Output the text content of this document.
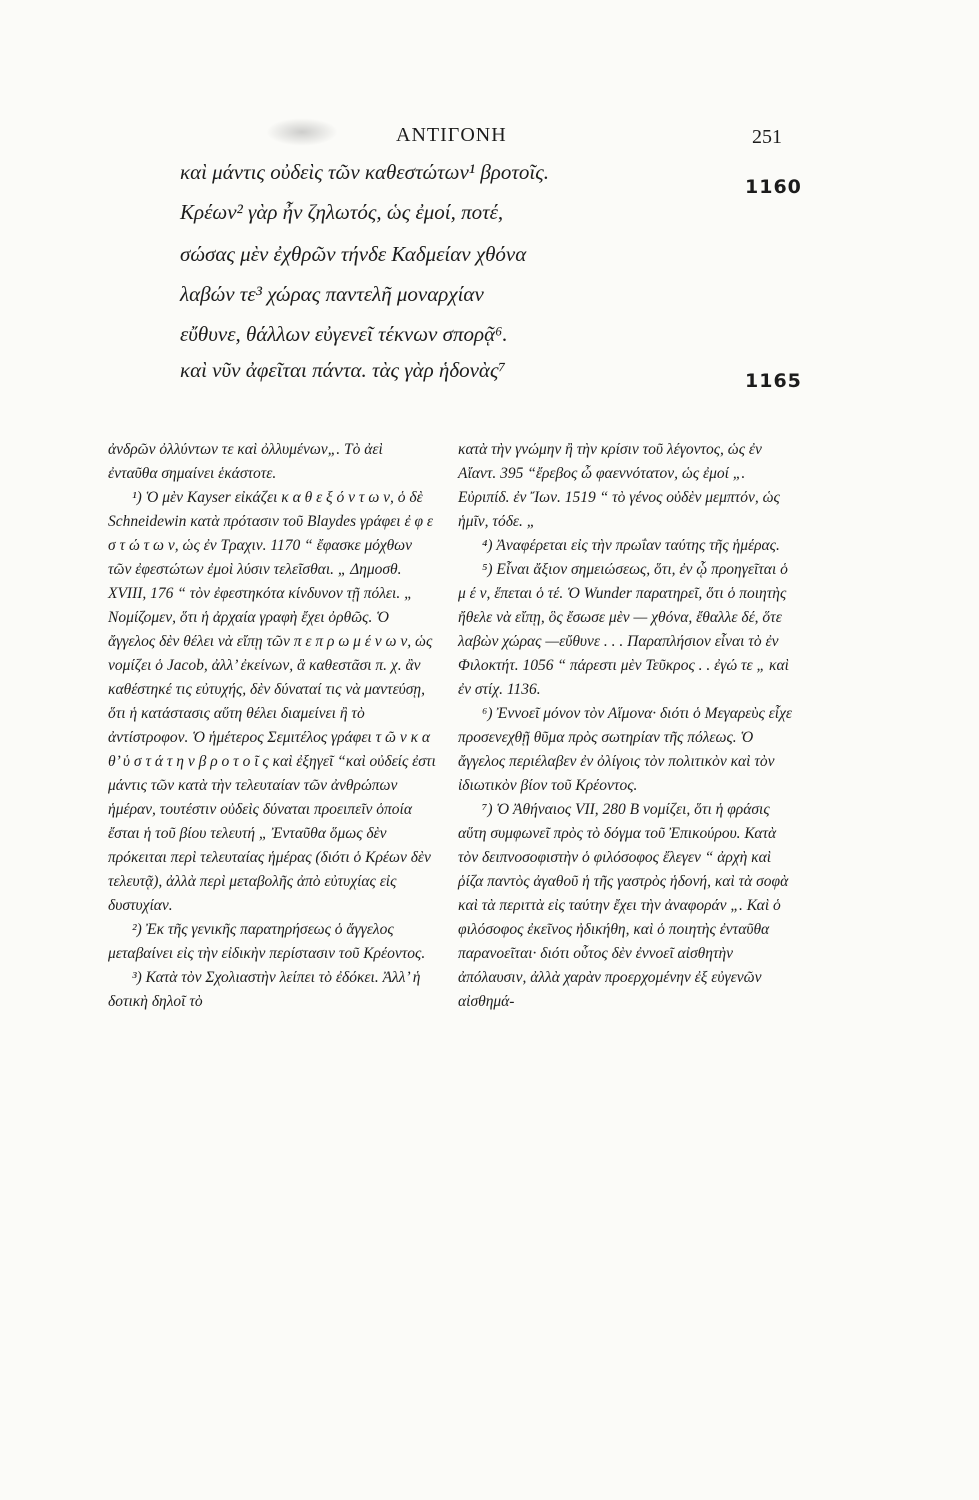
ΑΝΤΙΓΟΝΗ	251
καὶ μάντις οὐδεὶς τῶν καθεστώτων¹ βροτοῖς.
1160
Κρέων² γὰρ ἦν ζηλωτός, ὡς ἐμοί, ποτέ,
σώσας μὲν ἐχθρῶν τήνδε Καδμείαν χθόνα
λαβών τε³ χώρας παντελῆ μοναρχίαν
εὔθυνε, θάλλων εὐγενεῖ τέκνων σπορᾷ⁶.
καὶ νῦν ἀφεῖται πάντα. τὰς γὰρ ἡδονὰς⁷	1165

ἀνδρῶν ὀλλύντων τε καὶ ὀλλυμένων„. Τὸ ἀεὶ ἐνταῦθα σημαίνει ἑκάστοτε.

¹) Ὁ μὲν Kayser εἰκάζει κ α θ ε ξ ό ν τ ω ν, ὁ δὲ Schneidewin κατὰ πρότασιν τοῦ Blaydes γράφει ἐ φ ε σ τ ώ τ ω ν, ὡς ἐν Τραχιν. 1170 “ ἔφασκε μόχθων τῶν ἐφεστώτων ἐμοὶ λύσιν τελεῖσθαι. „ Δημοσθ. XVIII, 176 “ τὸν ἐφεστηκότα κίνδυνον τῇ πόλει. „ Νομίζομεν, ὅτι ἡ ἀρχαία γραφὴ ἔχει ὀρθῶς. Ὁ ἄγγελος δὲν θέλει νὰ εἴπῃ τῶν π ε π ρ ω μ έ ν ω ν, ὡς νομίζει ὁ Jacob, ἀλλ’ ἐκείνων, ἃ καθεστᾶσι π. χ. ἂν καθέστηκέ τις εὐτυχής, δὲν δύναταί τις νὰ μαντεύσῃ, ὅτι ἡ κατάστασις αὕτη θέλει διαμείνει ἢ τὸ ἀντίστροφον. Ὁ ἡμέτερος Σεμιτέλος γράφει τ ῶ ν κ α θ’ ὑ σ τ ά τ η ν β ρ ο τ ο ῖ ς καὶ ἐξηγεῖ “καὶ οὐδείς ἐστι μάντις τῶν κατὰ τὴν τελευταίαν τῶν ἀνθρώπων ἡμέραν, τουτέστιν οὐδεὶς δύναται προειπεῖν ὁποία ἔσται ἡ τοῦ βίου τελευτή „ Ἐνταῦθα ὅμως δὲν πρόκειται περὶ τελευταίας ἡμέρας (διότι ὁ Κρέων δὲν τελευτᾷ), ἀλλὰ περὶ μεταβολῆς ἀπὸ εὐτυχίας εἰς δυστυχίαν.

²) Ἐκ τῆς γενικῆς παρατηρήσεως ὁ ἄγγελος μεταβαίνει εἰς τὴν εἰδικὴν περίστασιν τοῦ Κρέοντος.

³) Κατὰ τὸν Σχολιαστὴν λείπει τὸ ἐδόκει. Ἀλλ’ ἡ δοτικὴ δηλοῖ τὸ

κατὰ τὴν γνώμην ἢ τὴν κρίσιν τοῦ λέγοντος, ὡς ἐν Αἴαντ. 395 “ἔρεβος ὦ φαεννότατον, ὡς ἐμοί „. Εὐριπίδ. ἐν Ἴων. 1519 “ τὸ γένος οὐδὲν μεμπτόν, ὡς ἡμῖν, τόδε. „

⁴) Ἀναφέρεται εἰς τὴν πρωΐαν ταύτης τῆς ἡμέρας.

⁵) Εἶναι ἄξιον σημειώσεως, ὅτι, ἐν ᾧ προηγεῖται ὁ μ έ ν, ἕπεται ὁ τέ. Ὁ Wunder παρατηρεῖ, ὅτι ὁ ποιητὴς ἤθελε νὰ εἴπῃ, ὃς ἔσωσε μὲν — χθόνα, ἔθαλλε δέ, ὅτε λαβὼν χώρας —εὔθυνε . . . Παραπλήσιον εἶναι τὸ ἐν Φιλοκτήτ. 1056 “ πάρεστι μὲν Τεῦκρος . . ἐγώ τε „ καὶ ἐν στίχ. 1136.

⁶) Ἐννοεῖ μόνον τὸν Αἵμονα· διότι ὁ Μεγαρεὺς εἶχε προσενεχθῇ θῦμα πρὸς σωτηρίαν τῆς πόλεως. Ὁ ἄγγελος περιέλαβεν ἐν ὀλίγοις τὸν πολιτικὸν καὶ τὸν ἰδιωτικὸν βίον τοῦ Κρέοντος.

⁷) Ὁ Ἀθήναιος VII, 280 B νομίζει, ὅτι ἡ φράσις αὕτη συμφωνεῖ πρὸς τὸ δόγμα τοῦ Ἐπικούρου. Κατὰ τὸν δειπνοσοφιστὴν ὁ φιλόσοφος ἔλεγεν “ ἀρχὴ καὶ ῥίζα παντὸς ἀγαθοῦ ἡ τῆς γαστρὸς ἡδονή, καὶ τὰ σοφὰ καὶ τὰ περιττὰ εἰς ταύτην ἔχει τὴν ἀναφοράν „. Καὶ ὁ φιλόσοφος ἐκεῖνος ἠδικήθη, καὶ ὁ ποιητὴς ἐνταῦθα παρανοεῖται· διότι οὗτος δὲν ἐννοεῖ αἰσθητὴν ἀπόλαυσιν, ἀλλὰ χαρὰν προερχομένην ἐξ εὐγενῶν αἰσθημά-
